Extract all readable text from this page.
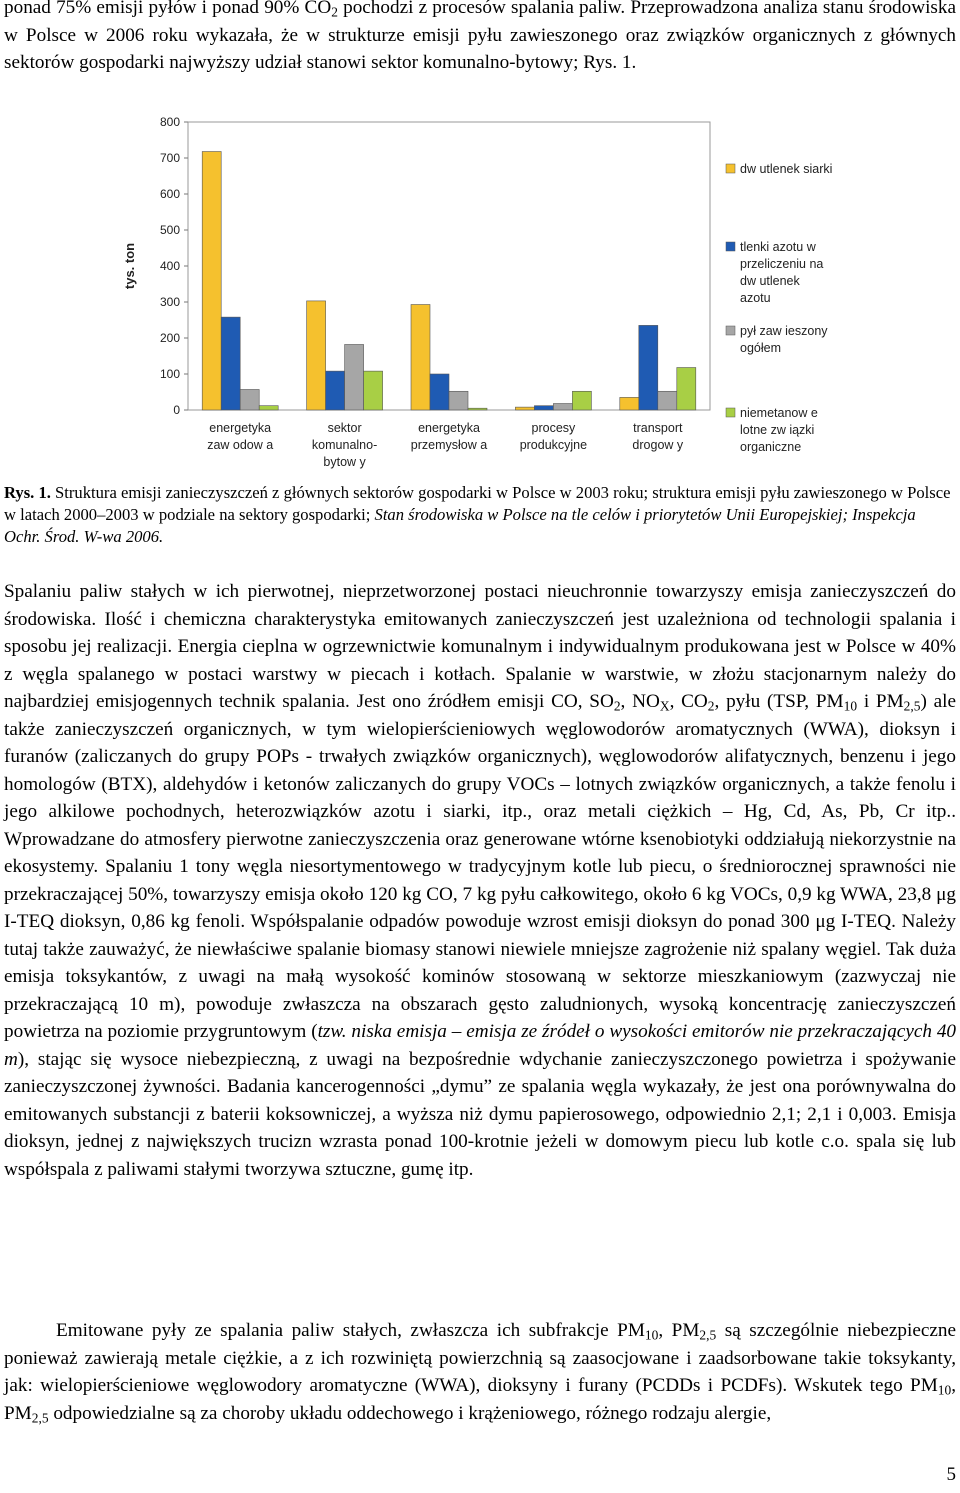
ponad 75% emisji pyłów i ponad 90% $CO_2$ pochodzi z procesów spalania paliw. Przeprowadzona analiza stanu środowiska w Polsce w 2006 roku wykazała, że w strukturze emisji pyłu zawieszonego oraz związków organicznych z głównych sektorów gospodarki najwyższy udział stanowi sektor komunalno-bytowy; Rys. 1.

0
100
200
300
400
500
600
700
800
tys. ton
energetyka
zaw odow a
sektor
komunalno-
bytow y
energetyka
przemysłow a
procesy
produkcyjne
transport
drogow y
dw utlenek siarki
tlenki azotu w
przeliczeniu na
dw utlenek
azotu
pył zaw ieszony
ogółem
niemetanow e
lotne zw iązki
organiczne

Rys. 1. Struktura emisji zanieczyszczeń z głównych sektorów gospodarki w Polsce w 2003 roku; struktura emisji pyłu zawieszonego w Polsce w latach 2000–2003 w podziale na sektory gospodarki; Stan środowiska w Polsce na tle celów i priorytetów Unii Europejskiej; Inspekcja Ochr. Środ. W-wa 2006.

Spalaniu paliw stałych w ich pierwotnej, nieprzetworzonej postaci nieuchronnie towarzyszy emisja zanieczyszczeń do środowiska. Ilość i chemiczna charakterystyka emitowanych zanieczyszczeń jest uzależniona od technologii spalania i sposobu jej realizacji. Energia cieplna w ogrzewnictwie komunalnym i indywidualnym produkowana jest w Polsce w 40% z węgla spalanego w postaci warstwy w piecach i kotłach. Spalanie w warstwie, w złożu stacjonarnym należy do najbardziej emisjogennych technik spalania. Jest ono źródłem emisji CO, $SO_2$, $NO_X$, $CO_2$, pyłu (TSP, $PM_{10}$ i $PM_{2,5}$) ale także zanieczyszczeń organicznych, w tym wielopierścieniowych węglowodorów aromatycznych (WWA), dioksyn i furanów (zaliczanych do grupy POPs - trwałych związków organicznych), węglowodorów alifatycznych, benzenu i jego homologów (BTX), aldehydów i ketonów zaliczanych do grupy VOCs – lotnych związków organicznych, a także fenolu i jego alkilowe pochodnych, heterozwiązków azotu i siarki, itp., oraz metali ciężkich – Hg, Cd, As, Pb, Cr itp.. Wprowadzane do atmosfery pierwotne zanieczyszczenia oraz generowane wtórne ksenobiotyki oddziałują niekorzystnie na ekosystemy. Spalaniu 1 tony węgla niesortymentowego w tradycyjnym kotle lub piecu, o średniorocznej sprawności nie przekraczającej 50%, towarzyszy emisja około 120 kg CO, 7 kg pyłu całkowitego, około 6 kg VOCs, 0,9 kg WWA, 23,8 μg I-TEQ dioksyn, 0,86 kg fenoli. Współspalanie odpadów powoduje wzrost emisji dioksyn do ponad 300 μg I-TEQ. Należy tutaj także zauważyć, że niewłaściwe spalanie biomasy stanowi niewiele mniejsze zagrożenie niż spalany węgiel. Tak duża emisja toksykantów, z uwagi na małą wysokość kominów stosowaną w sektorze mieszkaniowym (zazwyczaj nie przekraczającą 10 m), powoduje zwłaszcza na obszarach gęsto zaludnionych, wysoką koncentrację zanieczyszczeń powietrza na poziomie przygruntowym (tzw. niska emisja – emisja ze źródeł o wysokości emitorów nie przekraczających 40 m), stając się wysoce niebezpieczną, z uwagi na bezpośrednie wdychanie zanieczyszczonego powietrza i spożywanie zanieczyszczonej żywności. Badania kancerogenności „dymu” ze spalania węgla wykazały, że jest ona porównywalna do emitowanych substancji z baterii koksowniczej, a wyższa niż dymu papierosowego, odpowiednio 2,1; 2,1 i 0,003. Emisja dioksyn, jednej z największych trucizn wzrasta ponad 100-krotnie jeżeli w domowym piecu lub kotle c.o. spala się lub współspala z paliwami stałymi tworzywa sztuczne, gumę itp.

Emitowane pyły ze spalania paliw stałych, zwłaszcza ich subfrakcje $PM_{10}$, $PM_{2,5}$ są szczególnie niebezpieczne ponieważ zawierają metale ciężkie, a z ich rozwiniętą powierzchnią są zaasocjowane i zaadsorbowane takie toksykanty, jak: wielopierścieniowe węglowodory aromatyczne (WWA), dioksyny i furany (PCDDs i PCDFs). Wskutek tego $PM_{10}$, $PM_{2,5}$ odpowiedzialne są za choroby układu oddechowego i krążeniowego, różnego rodzaju alergie,

5
